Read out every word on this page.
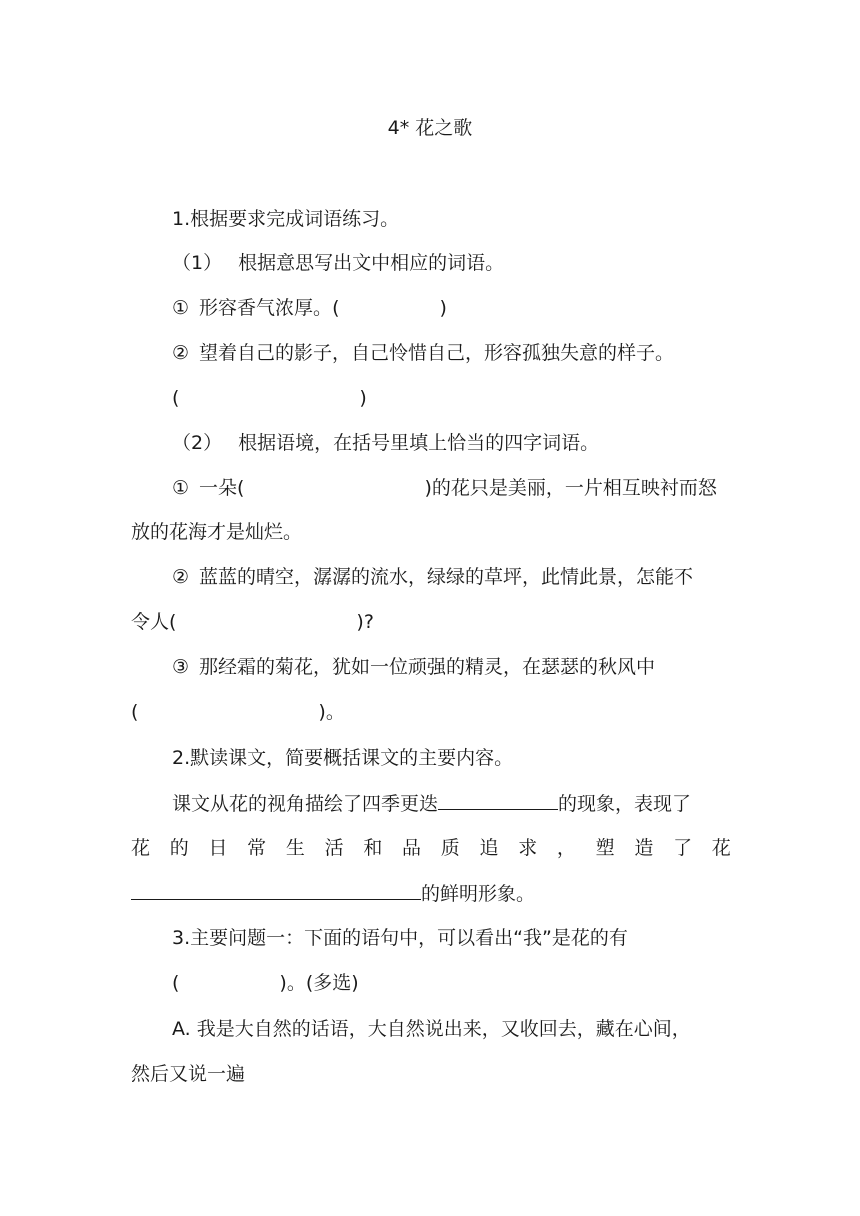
4* 花之歌
1.根据要求完成词语练习。
（1） 根据意思写出文中相应的词语。
① 形容香气浓厚。(	)
② 望着自己的影子，自己怜惜自己，形容孤独失意的样子。
(	)
（2） 根据语境，在括号里填上恰当的四字词语。
① 一朵(	)的花只是美丽，一片相互映衬而怒
放的花海才是灿烂。
② 蓝蓝的晴空，潺潺的流水，绿绿的草坪，此情此景，怎能不
令人(	)?
③ 那经霜的菊花，犹如一位顽强的精灵，在瑟瑟的秋风中
(	)。
2.默读课文，简要概括课文的主要内容。
课文从花的视角描绘了四季更迭	的现象，表现了
花 的 日 常 生 活 和 品 质 追 求 ， 塑 造 了 花
的鲜明形象。
3.主要问题一：下面的语句中，可以看出“我”是花的有
(	)。(多选)
A. 我是大自然的话语，大自然说出来，又收回去，藏在心间，
然后又说一遍
